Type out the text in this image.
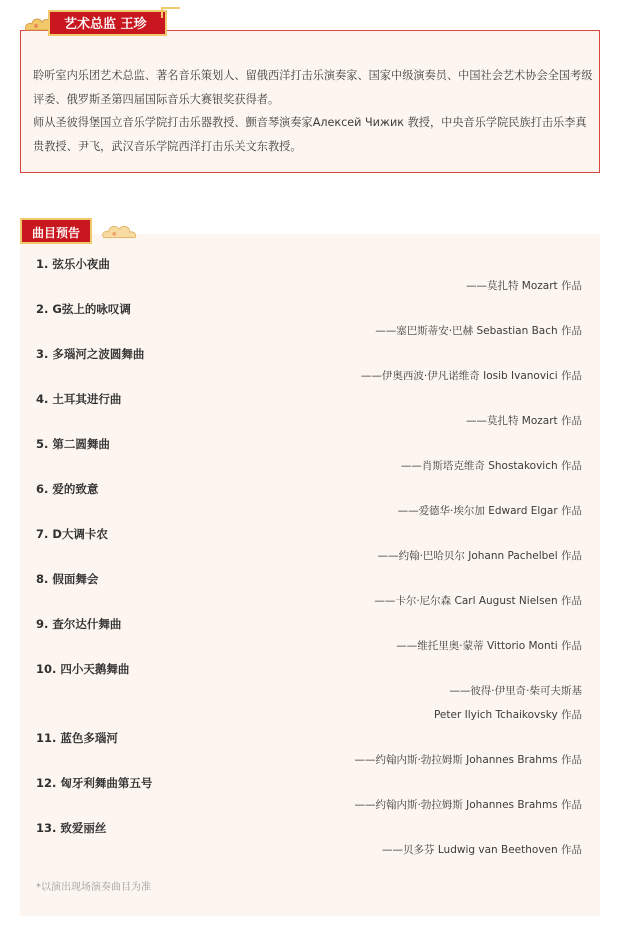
聆听室内乐团艺术总监、著名音乐策划人、留俄西洋打击乐演奏家、国家中级演奏员、中国社会艺术协会全国考级评委、俄罗斯圣第四届国际音乐大赛银奖获得者。

师从圣彼得堡国立音乐学院打击乐器教授、颤音琴演奏家Алексей Чижик 教授，中央音乐学院民族打击乐李真贵教授、尹飞，武汉音乐学院西洋打击乐关文东教授。

艺术总监 王珍
曲目预告
1. 弦乐小夜曲
——莫扎特 Mozart 作品
2. G弦上的咏叹调
——塞巴斯蒂安·巴赫 Sebastian Bach 作品
3. 多瑙河之波圆舞曲
——伊奥西波·伊凡诺维奇 Iosib Ivanovici 作品
4. 土耳其进行曲
——莫扎特 Mozart 作品
5. 第二圆舞曲
——肖斯塔克维奇 Shostakovich 作品
6. 爱的致意
——爱德华·埃尔加 Edward Elgar 作品
7. D大调卡农
——约翰·巴哈贝尔 Johann Pachelbel 作品
8. 假面舞会
——卡尔·尼尔森 Carl August Nielsen 作品
9. 查尔达什舞曲
——维托里奥·蒙蒂 Vittorio Monti 作品
10. 四小天鹅舞曲
——彼得·伊里奇·柴可夫斯基
Peter Ilyich Tchaikovsky 作品
11. 蓝色多瑙河
——约翰内斯·勃拉姆斯 Johannes Brahms 作品
12. 匈牙利舞曲第五号
——约翰内斯·勃拉姆斯 Johannes Brahms 作品
13. 致爱丽丝
——贝多芬 Ludwig van Beethoven 作品
*以演出现场演奏曲目为准
